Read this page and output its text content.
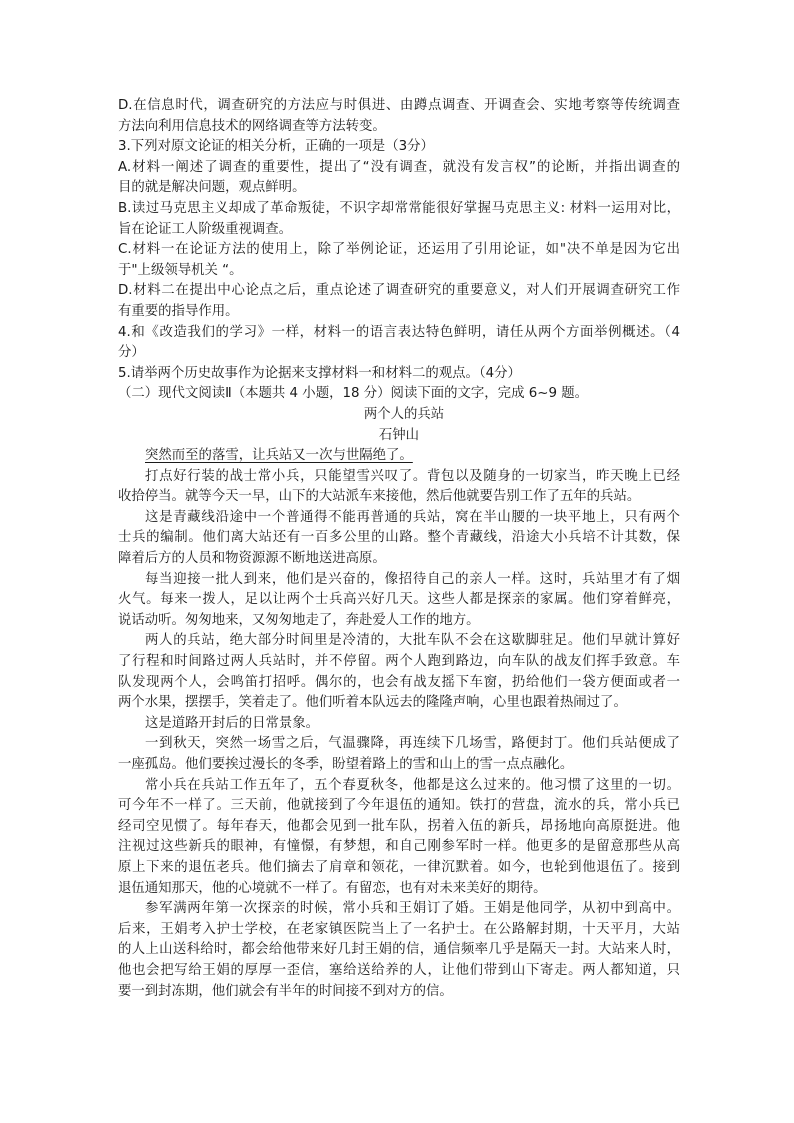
D.在信息时代，调查研究的方法应与时俱进、由蹲点调查、开调查会、实地考察等传统调查
方法向利用信息技术的网络调查等方法转变。
3.下列对原文论证的相关分析，正确的一项是（3分）
A.材料一阐述了调查的重要性，提出了“没有调查，就没有发言权”的论断，并指出调查的
目的就是解决问题，观点鲜明。
B.读过马克思主义却成了革命叛徒，不识字却常常能很好掌握马克思主义: 材料一运用对比，
旨在论证工人阶级重视调查。
C.材料一在论证方法的使用上，除了举例论证，还运用了引用论证，如"决不单是因为它出
于"上级领导机关 “。
D.材料二在提出中心论点之后，重点论述了调查研究的重要意义，对人们开展调查研究工作
有重要的指导作用。
4.和《改造我们的学习》一样，材料一的语言表达特色鲜明，请任从两个方面举例概述。（4
分）
5.请举两个历史故事作为论据来支撑材料一和材料二的观点。（4分）
（二）现代文阅读Ⅱ（本题共 4 小题，18 分）阅读下面的文字，完成 6~9 题。
两个人的兵站
石钟山
突然而至的落雪，让兵站又一次与世隔绝了。
打点好行装的战士常小兵，只能望雪兴叹了。背包以及随身的一切家当，昨天晚上已经
收拾停当。就等今天一早，山下的大站派车来接他，然后他就要告别工作了五年的兵站。
这是青藏线沿途中一个普通得不能再普通的兵站，窝在半山腰的一块平地上，只有两个
士兵的编制。他们离大站还有一百多公里的山路。整个青藏线，沿途大小兵培不计其数，保
障着后方的人员和物资源源不断地送进高原。
每当迎接一批人到来，他们是兴奋的，像招待自己的亲人一样。这时，兵站里才有了烟
火气。每来一拨人，足以让两个士兵高兴好几天。这些人都是探亲的家属。他们穿着鲜亮，
说话动听。匆匆地来，又匆匆地走了，奔赴爱人工作的地方。
两人的兵站，绝大部分时间里是冷清的，大批车队不会在这歇脚驻足。他们早就计算好
了行程和时间路过两人兵站时，并不停留。两个人跑到路边，向车队的战友们挥手致意。车
队发现两个人，会鸣笛打招呼。偶尔的，也会有战友摇下车窗，扔给他们一袋方便面或者一
两个水果，摆摆手，笑着走了。他们听着本队远去的隆隆声响，心里也跟着热闹过了。
这是道路开封后的日常景象。
一到秋天，突然一场雪之后，气温骤降，再连续下几场雪，路便封丁。他们兵站便成了
一座孤岛。他们要挨过漫长的冬季，盼望着路上的雪和山上的雪一点点融化。
常小兵在兵站工作五年了，五个春夏秋冬，他都是这么过来的。他习惯了这里的一切。
可今年不一样了。三天前，他就接到了今年退伍的通知。铁打的营盘，流水的兵，常小兵已
经司空见惯了。每年春天，他都会见到一批车队，拐着入伍的新兵，昂扬地向高原挺进。他
注视过这些新兵的眼神，有憧憬，有梦想，和自己刚参军时一样。他更多的是留意那些从高
原上下来的退伍老兵。他们摘去了肩章和领花，一律沉默着。如今，也轮到他退伍了。接到
退伍通知那天，他的心境就不一样了。有留恋，也有对未来美好的期待。
参军满两年第一次探亲的时候，常小兵和王娟订了婚。王娟是他同学，从初中到高中。
后来，王娟考入护士学校，在老家镇医院当上了一名护士。在公路解封期，十天平月，大站
的人上山送科给时，都会给他带来好几封王娟的信，通信频率几乎是隔天一封。大站来人时，
他也会把写给王娟的厚厚一歪信，塞给送给养的人，让他们带到山下寄走。两人都知道，只
要一到封冻期，他们就会有半年的时间接不到对方的信。
